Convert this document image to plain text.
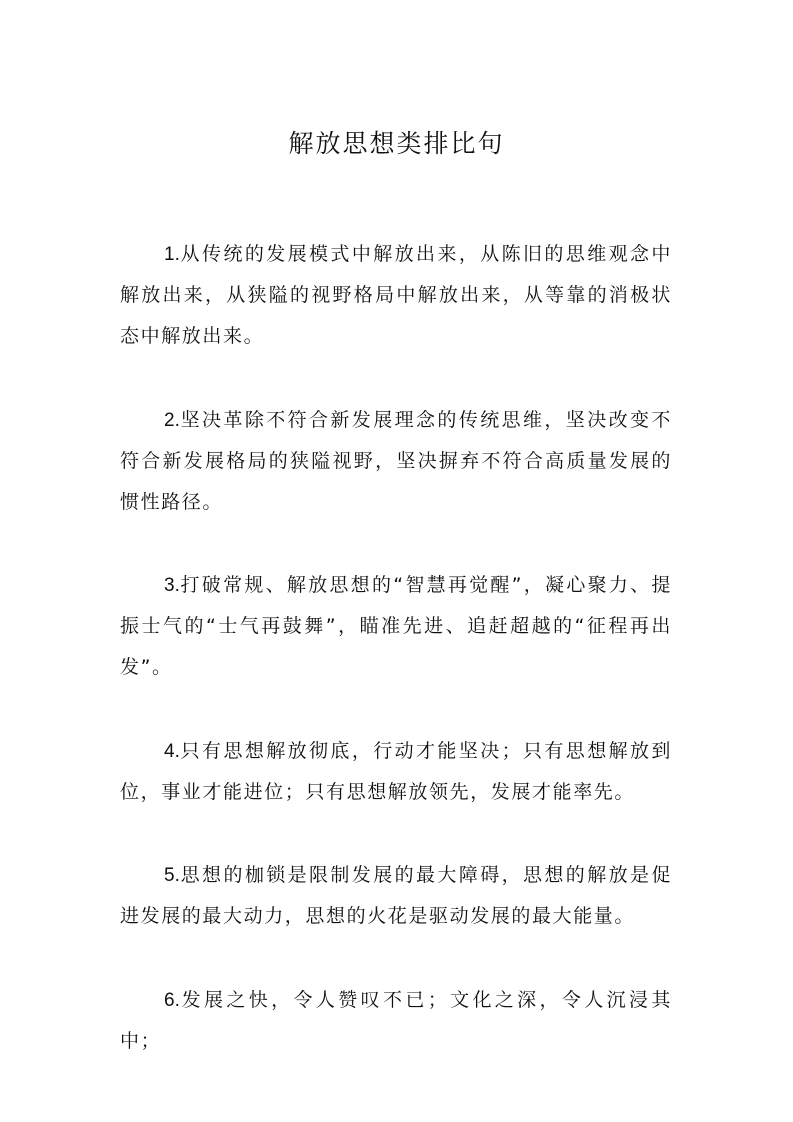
解放思想类排比句

1.从传统的发展模式中解放出来，从陈旧的思维观念中解放出来，从狭隘的视野格局中解放出来，从等靠的消极状态中解放出来。

2.坚决革除不符合新发展理念的传统思维，坚决改变不符合新发展格局的狭隘视野，坚决摒弃不符合高质量发展的惯性路径。

3.打破常规、解放思想的“智慧再觉醒”，凝心聚力、提振士气的“士气再鼓舞”，瞄准先进、追赶超越的“征程再出发”。

4.只有思想解放彻底，行动才能坚决；只有思想解放到位，事业才能进位；只有思想解放领先，发展才能率先。

5.思想的枷锁是限制发展的最大障碍，思想的解放是促进发展的最大动力，思想的火花是驱动发展的最大能量。

6.发展之快，令人赞叹不已；文化之深，令人沉浸其中；
